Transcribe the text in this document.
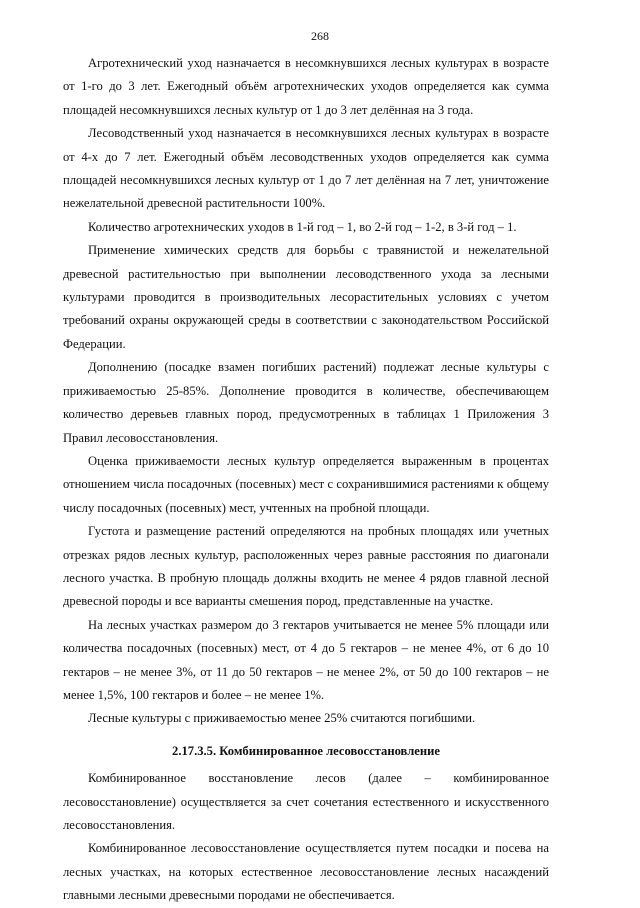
268

Агротехнический уход назначается в несомкнувшихся лесных культурах в возрасте от 1-го до 3 лет. Ежегодный объём агротехнических уходов определяется как сумма площадей несомкнувшихся лесных культур от 1 до 3 лет делённая на 3 года.

Лесоводственный уход назначается в несомкнувшихся лесных культурах в возрасте от 4-х до 7 лет. Ежегодный объём лесоводственных уходов определяется как сумма площадей несомкнувшихся лесных культур от 1 до 7 лет делённая на 7 лет, уничтожение нежелательной древесной растительности 100%.

Количество агротехнических уходов в 1-й год – 1, во 2-й год – 1-2, в 3-й год – 1.

Применение химических средств для борьбы с травянистой и нежелательной древесной растительностью при выполнении лесоводственного ухода за лесными культурами проводится в производительных лесорастительных условиях с учетом требований охраны окружающей среды в соответствии с законодательством Российской Федерации.

Дополнению (посадке взамен погибших растений) подлежат лесные культуры с приживаемостью 25-85%. Дополнение проводится в количестве, обеспечивающем количество деревьев главных пород, предусмотренных в таблицах 1 Приложения 3 Правил лесовосстановления.

Оценка приживаемости лесных культур определяется выраженным в процентах отношением числа посадочных (посевных) мест с сохранившимися растениями к общему числу посадочных (посевных) мест, учтенных на пробной площади.

Густота и размещение растений определяются на пробных площадях или учетных отрезках рядов лесных культур, расположенных через равные расстояния по диагонали лесного участка. В пробную площадь должны входить не менее 4 рядов главной лесной древесной породы и все варианты смешения пород, представленные на участке.

На лесных участках размером до 3 гектаров учитывается не менее 5% площади или количества посадочных (посевных) мест, от 4 до 5 гектаров – не менее 4%, от 6 до 10 гектаров – не менее 3%, от 11 до 50 гектаров – не менее 2%, от 50 до 100 гектаров – не менее 1,5%, 100 гектаров и более – не менее 1%.

Лесные культуры с приживаемостью менее 25% считаются погибшими.

2.17.3.5. Комбинированное лесовосстановление

Комбинированное восстановление лесов (далее – комбинированное лесовосстановление) осуществляется за счет сочетания естественного и искусственного лесовосстановления.

Комбинированное лесовосстановление осуществляется путем посадки и посева на лесных участках, на которых естественное лесовосстановление лесных насаждений главными лесными древесными породами не обеспечивается.
